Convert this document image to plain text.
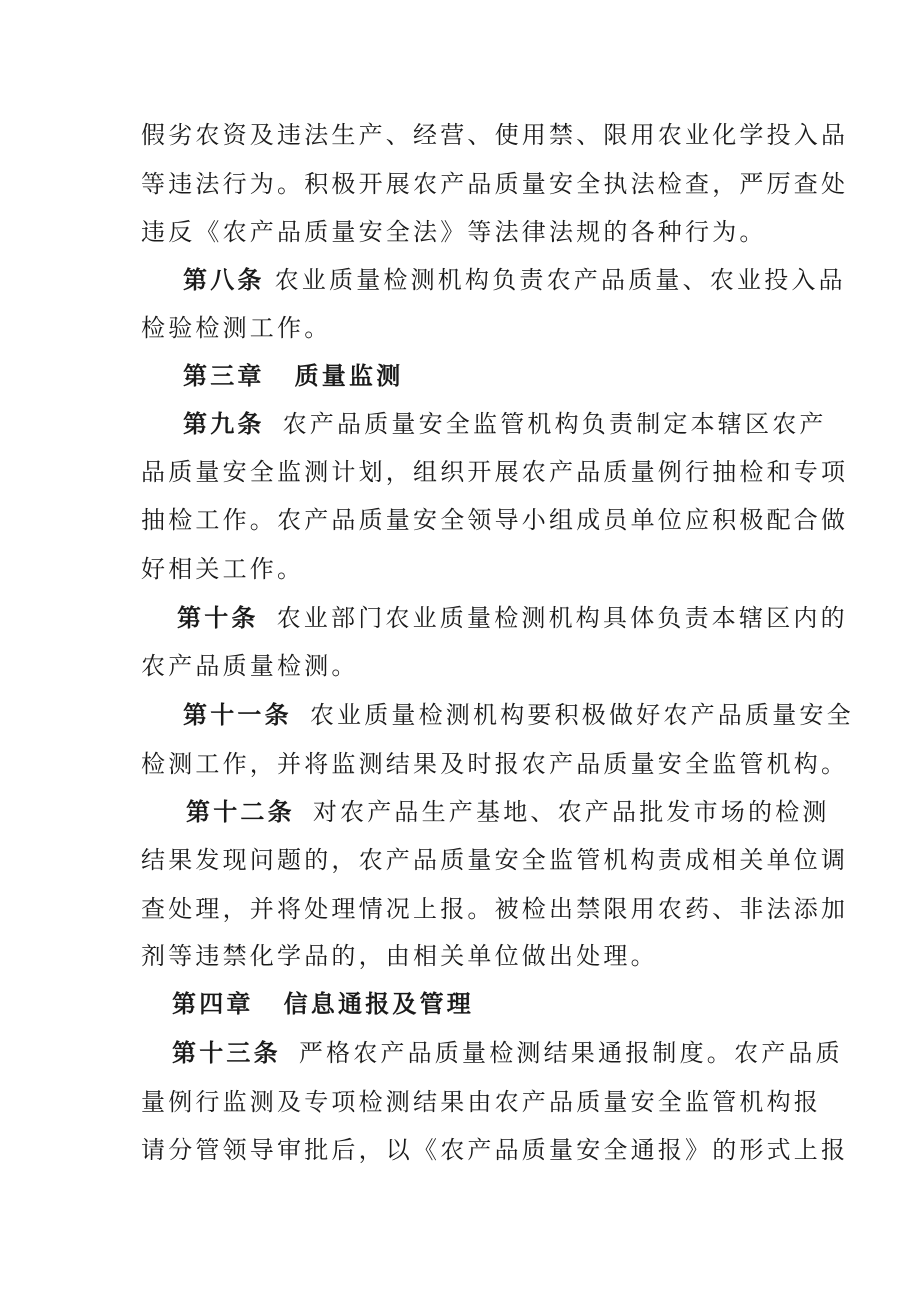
假劣农资及违法生产、经营、使用禁、限用农业化学投入品
等违法行为。积极开展农产品质量安全执法检查，严厉查处
违反《农产品质量安全法》等法律法规的各种行为。
第八条 农业质量检测机构负责农产品质量、农业投入品
检验检测工作。
第三章 质量监测
第九条 农产品质量安全监管机构负责制定本辖区农产
品质量安全监测计划，组织开展农产品质量例行抽检和专项
抽检工作。农产品质量安全领导小组成员单位应积极配合做
好相关工作。
第十条 农业部门农业质量检测机构具体负责本辖区内的
农产品质量检测。
第十一条 农业质量检测机构要积极做好农产品质量安全
检测工作，并将监测结果及时报农产品质量安全监管机构。
第十二条 对农产品生产基地、农产品批发市场的检测
结果发现问题的，农产品质量安全监管机构责成相关单位调
查处理，并将处理情况上报。被检出禁限用农药、非法添加
剂等违禁化学品的，由相关单位做出处理。
第四章 信息通报及管理
第十三条 严格农产品质量检测结果通报制度。农产品质
量例行监测及专项检测结果由农产品质量安全监管机构报
请分管领导审批后，以《农产品质量安全通报》的形式上报
